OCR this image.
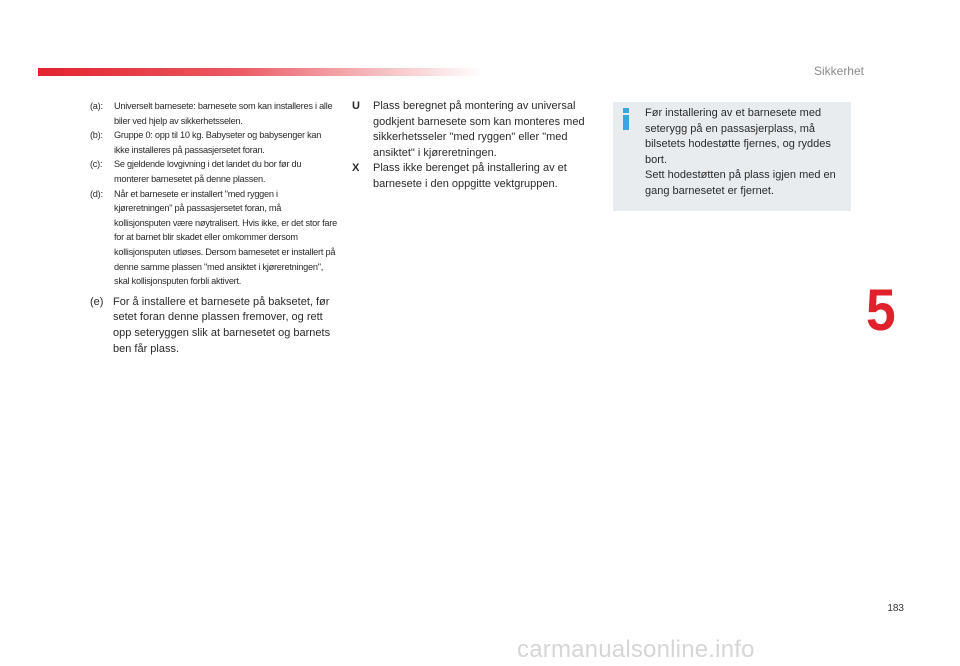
Sikkerhet
(a):	Universelt barnesete: barnesete som kan installeres i alle biler ved hjelp av sikkerhetsselen.
(b):	Gruppe 0: opp til 10 kg. Babyseter og babysenger kan ikke installeres på passasjersetet foran.
(c):	Se gjeldende lovgivning i det landet du bor før du monterer barnesetet på denne plassen.
(d):	Når et barnesete er installert "med ryggen i kjøreretningen" på passasjersetet foran, må kollisjonsputen være nøytralisert. Hvis ikke, er det stor fare for at barnet blir skadet eller omkommer dersom kollisjonsputen utløses. Dersom barnesetet er installert på denne samme plassen "med ansiktet i kjøreretningen", skal kollisjonsputen forbli aktivert.
(e) For å installere et barnesete på baksetet, før setet foran denne plassen fremover, og rett opp seteryggen slik at barnesetet og barnets ben får plass.
U	Plass beregnet på montering av universal godkjent barnesete som kan monteres med sikkerhetsseler "med ryggen" eller "med ansiktet" i kjøreretningen.
X	Plass ikke berenget på installering av et barnesete i den oppgitte vektgruppen.

Før installering av et barnesete med seterygg på en passasjerplass, må bilsetets hodestøtte fjernes, og ryddes bort.

Sett hodestøtten på plass igjen med en gang barnesetet er fjernet.

5
183
carmanualsonline.info
